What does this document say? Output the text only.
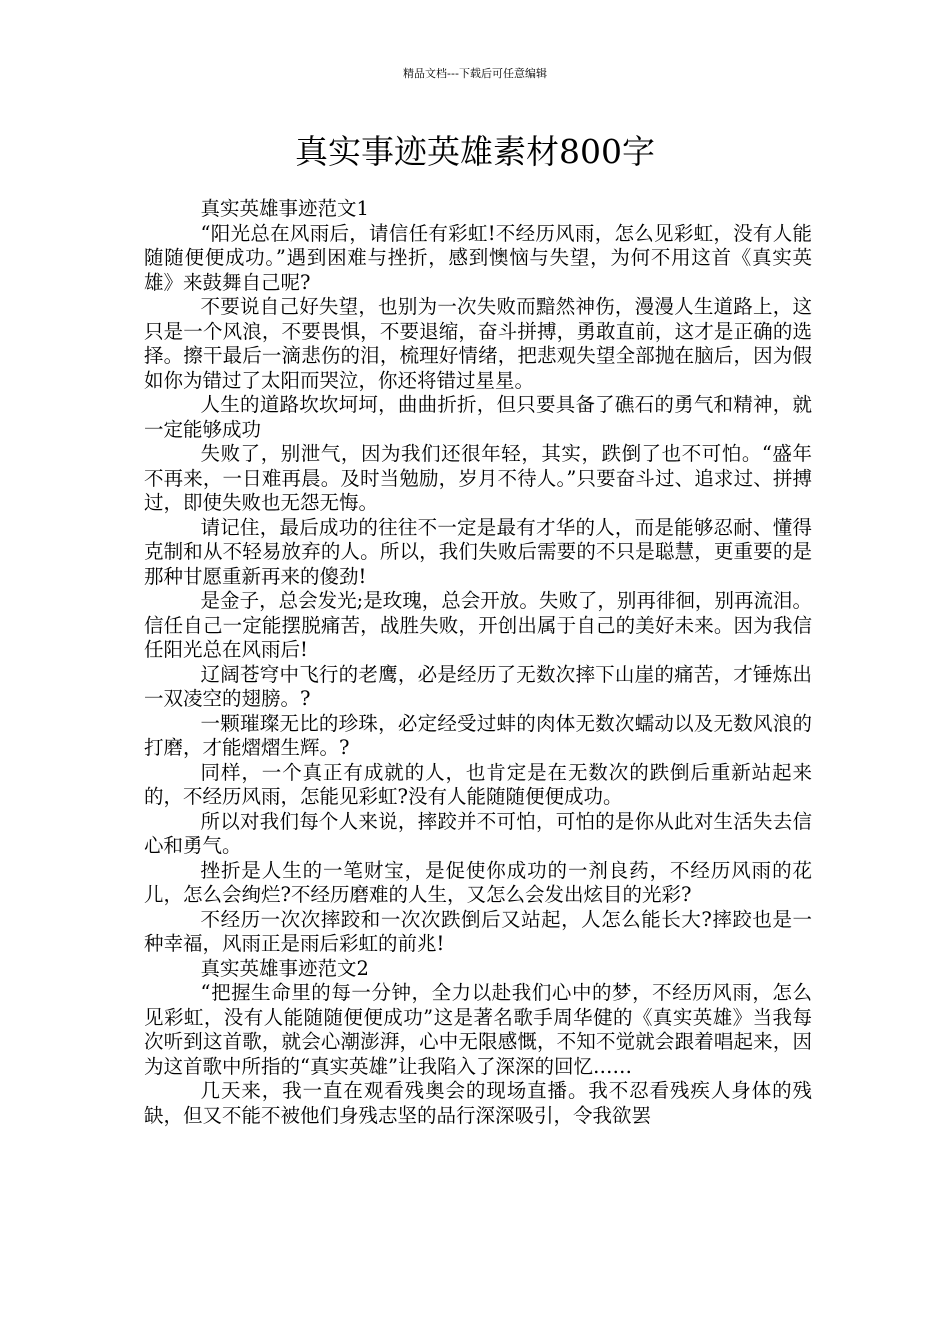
精品文档---下载后可任意编辑
真实事迹英雄素材800字

真实英雄事迹范文1

“阳光总在风雨后，请信任有彩虹!不经历风雨，怎么见彩虹，没有人能随随便便成功。”遇到困难与挫折，感到懊恼与失望，为何不用这首《真实英雄》来鼓舞自己呢?

不要说自己好失望，也别为一次失败而黯然神伤，漫漫人生道路上，这只是一个风浪，不要畏惧，不要退缩，奋斗拼搏，勇敢直前，这才是正确的选择。擦干最后一滴悲伤的泪，梳理好情绪，把悲观失望全部抛在脑后，因为假如你为错过了太阳而哭泣，你还将错过星星。

人生的道路坎坎坷坷，曲曲折折，但只要具备了礁石的勇气和精神，就一定能够成功

失败了，别泄气，因为我们还很年轻，其实，跌倒了也不可怕。“盛年不再来，一日难再晨。及时当勉励，岁月不待人。”只要奋斗过、追求过、拼搏过，即使失败也无怨无悔。

请记住，最后成功的往往不一定是最有才华的人，而是能够忍耐、懂得克制和从不轻易放弃的人。所以，我们失败后需要的不只是聪慧，更重要的是那种甘愿重新再来的傻劲!

是金子，总会发光;是玫瑰，总会开放。失败了，别再徘徊，别再流泪。信任自己一定能摆脱痛苦，战胜失败，开创出属于自己的美好未来。因为我信任阳光总在风雨后!

辽阔苍穹中飞行的老鹰，必是经历了无数次摔下山崖的痛苦，才锤炼出一双凌空的翅膀。?

一颗璀璨无比的珍珠，必定经受过蚌的肉体无数次蠕动以及无数风浪的打磨，才能熠熠生辉。?

同样，一个真正有成就的人，也肯定是在无数次的跌倒后重新站起来的，不经历风雨，怎能见彩虹?没有人能随随便便成功。

所以对我们每个人来说，摔跤并不可怕，可怕的是你从此对生活失去信心和勇气。

挫折是人生的一笔财宝，是促使你成功的一剂良药，不经历风雨的花儿，怎么会绚烂?不经历磨难的人生，又怎么会发出炫目的光彩?

不经历一次次摔跤和一次次跌倒后又站起，人怎么能长大?摔跤也是一种幸福，风雨正是雨后彩虹的前兆!

真实英雄事迹范文2

“把握生命里的每一分钟，全力以赴我们心中的梦，不经历风雨，怎么见彩虹，没有人能随随便便成功”这是著名歌手周华健的《真实英雄》当我每次听到这首歌，就会心潮澎湃，心中无限感慨，不知不觉就会跟着唱起来，因为这首歌中所指的“真实英雄”让我陷入了深深的回忆……

几天来，我一直在观看残奥会的现场直播。我不忍看残疾人身体的残缺，但又不能不被他们身残志坚的品行深深吸引，令我欲罢
